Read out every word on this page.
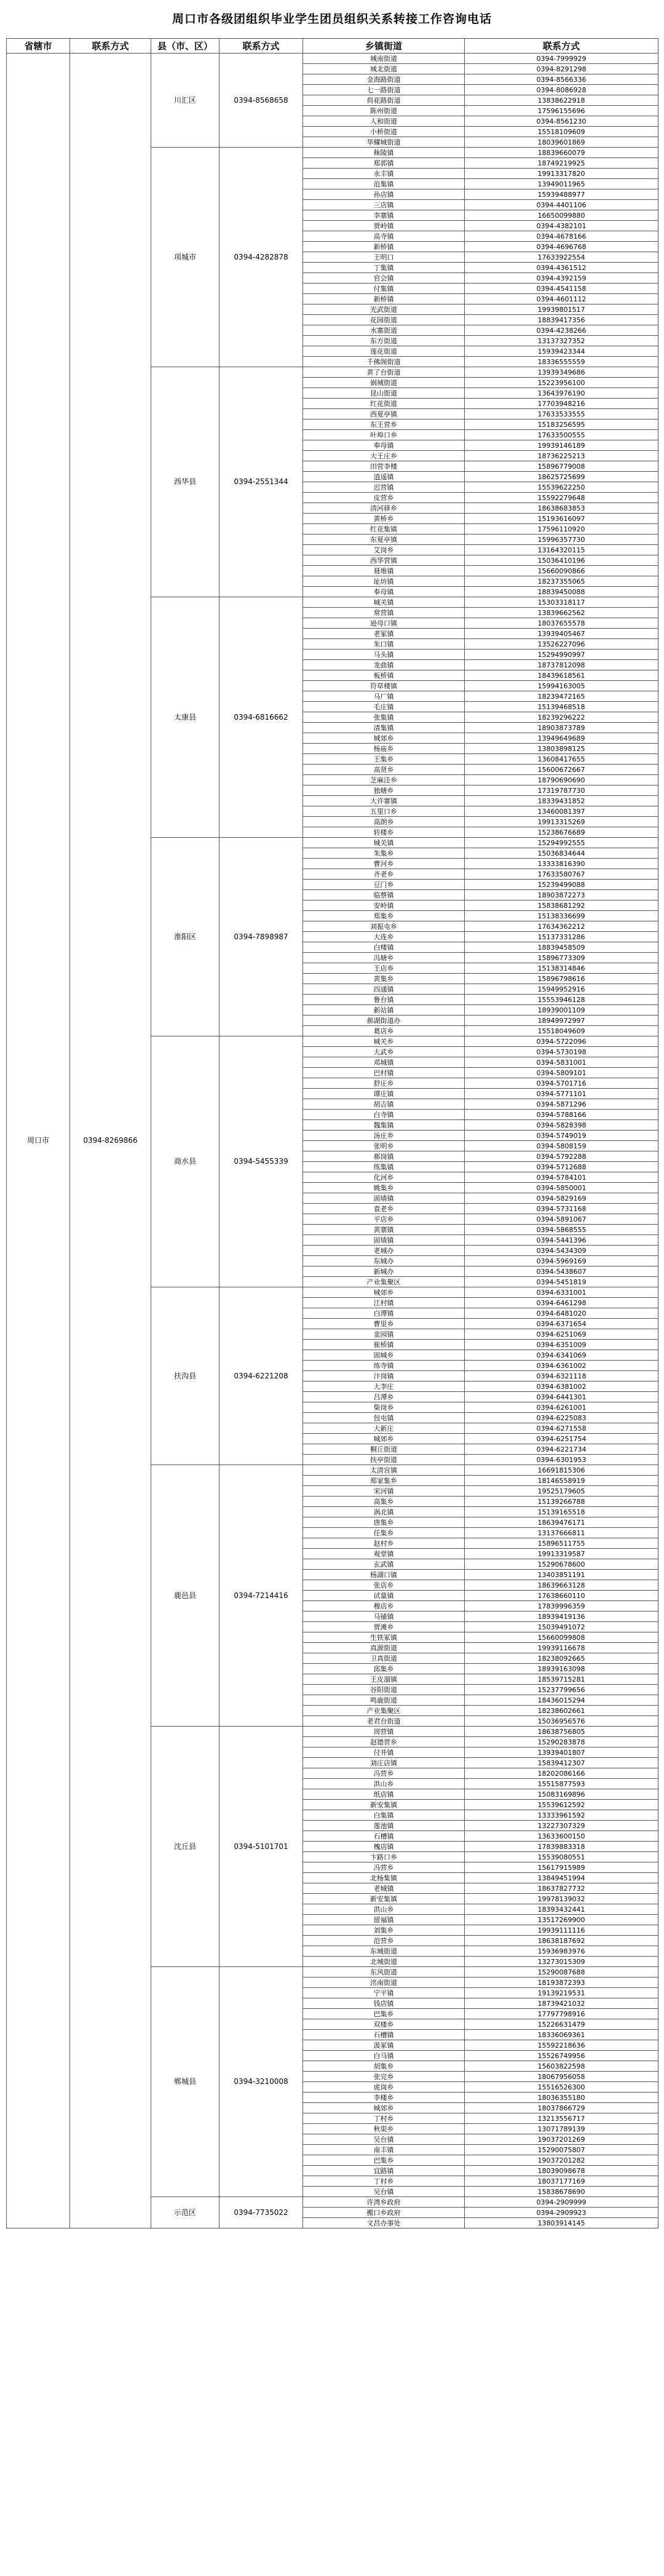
周口市各级团组织毕业学生团员组织关系转接工作咨询电话
省辖市	联系方式	县（市、区）	联系方式	乡镇街道	联系方式
周口市	0394-8269866	川汇区	0394-8568658	城南街道	0394-7999929
				城北街道	0394-8291298
				金海路街道	0394-8566336
				七一路街道	0394-8086928
				荷花路街道	13838622918
				陈州街道	17596155696
				人和街道	0394-8561230
				小桥街道	15518109609
				华耀城街道	18039601869
		项城市	0394-4282878	秣陵镇	18839660079
				郑郭镇	18749219925
				永丰镇	19913317820
				范集镇	13949011965
				孙店镇	15939488977
				三店镇	0394-4401106
				李寨镇	16650099880
				贾岭镇	0394-4382101
				高寺镇	0394-4678166
				新桥镇	0394-4696768
				王明口	17633922554
				丁集镇	0394-4361512
				官会镇	0394-4392159
				付集镇	0394-4541158
				新桥镇	0394-4601112
				光武街道	19939801517
				花园街道	18839417356
				水寨街道	0394-4238266
				东方街道	13137327352
				莲花街道	15939423344
				千佛阁街道	18336555559
		西华县	0394-2551344	黄了台街道	13939349686
				娲城街道	15223956100
				昆山街道	13643976190
				红花街道	17703948216
				西夏亭镇	17633533555
				东王营乡	15183256595
				叶埠口乡	17633500555
				奉母镇	19939146189
				大王庄乡	18736225213
				田营李楼	15896779008
				逍遥镇	18625725699
				迟营镇	15539622250
				皮营乡	15592279648
				清河驿乡	18638683853
				黄桥乡	15193616097
				红花集镇	17596110920
				东夏亭镇	15996357730
				艾岗乡	13164320115
				西华营镇	15036410196
				聂堆镇	15660090866
				址坊镇	18237355065
				奉母镇	18839450088
		太康县	0394-6816662	城关镇	15303318117
				常营镇	13839662562
				逊母口镇	18037655578
				老冢镇	13939405467
				朱口镇	13526227096
				马头镇	15294990997
				龙曲镇	18737812098
				板桥镇	18439618561
				符草楼镇	15994163005
				马厂镇	18239472165
				毛庄镇	15139468518
				张集镇	18239296222
				清集镇	18903873789
				城郊乡	13949649689
				杨庙乡	13803898125
				王集乡	13608417655
				高贤乡	15600672667
				芝麻洼乡	18790690690
				独塘乡	17319787730
				大许寨镇	18339431852
				五里口乡	13460081397
				高朗乡	19913315269
				转楼乡	15238676689
		淮阳区	0394-7898987	城关镇	15294992555
				朱集乡	15036834644
				曹河乡	13333816390
				齐老乡	17633580767
				豆门乡	15239499088
				临蔡镇	18903872273
				安岭镇	15838681292
				郑集乡	15138336699
				刘振屯乡	17634362212
				大连乡	15137331286
				白楼镇	18839458509
				冯塘乡	15896773309
				王店乡	15138314846
				黄集乡	15896798616
				四通镇	15949952916
				鲁台镇	15553946128
				新站镇	18939001109
				郝湖街道办	18949972997
				葛店乡	15518049609
		商水县	0394-5455339	城关乡	0394-5722096
				大武乡	0394-5730198
				邓城镇	0394-5831001
				巴村镇	0394-5809101
				舒庄乡	0394-5701716
				谭庄镇	0394-5771101
				胡吉镇	0394-5871296
				白寺镇	0394-5788166
				魏集镇	0394-5828398
				汤庄乡	0394-5749019
				张明乡	0394-5808159
				郝岗镇	0394-5792288
				练集镇	0394-5712688
				化河乡	0394-5784101
				姚集乡	0394-5850001
				固墙镇	0394-5829169
				袁老乡	0394-5731168
				平店乡	0394-5891067
				黄寨镇	0394-5868555
				固墙镇	0394-5441396
				老城办	0394-5434309
				东城办	0394-5969169
				新城办	0394-5438607
				产业集聚区	0394-5451819
		扶沟县	0394-6221208	城郊乡	0394-6331001
				江村镇	0394-6461298
				白潭镇	0394-6481020
				曹里乡	0394-6371654
				韭园镇	0394-6251069
				崔桥镇	0394-6351009
				固城乡	0394-6341069
				练寺镇	0394-6361002
				汴岗镇	0394-6321118
				大李庄	0394-6381002
				吕潭乡	0394-6441301
				柴岗乡	0394-6261001
				包屯镇	0394-6225083
				大新庄	0394-6271558
				城郊乡	0394-6251754
				桐丘街道	0394-6221734
				扶亭街道	0394-6301953
		鹿邑县	0394-7214416	太清宫镇	16691815306
				郑家集乡	18146558919
				宋河镇	19525179605
				高集乡	15139266788
				涡北镇	15139165518
				唐集乡	18639476171
				任集乡	13137666811
				赵村乡	15896511755
				观堂镇	19913319587
				玄武镇	15290678600
				杨湖口镇	13403851191
				张店乡	18639663128
				试量镇	17638660110
				穆店乡	17839996359
				马铺镇	18939419136
				贾滩乡	15039491072
				生铁冢镇	15660099808
				真源街道	19939116678
				卫真街道	18238092665
				邱集乡	18939163098
				王皮溜镇	18539715281
				谷阳街道	15237799656
				鸣鹿街道	18436015294
				产业集聚区	18238602661
				老君台街道	15036956576
		沈丘县	0394-5101701	周营镇	18638756805
				赵德营乡	15290283878
				付井镇	13939401807
				刘庄店镇	15839412307
				冯营乡	18202086166
				洪山乡	15515877593
				纸店镇	15083169896
				新安集镇	15539612592
				白集镇	13333961592
				莲池镇	13227307329
				石槽镇	13633600150
				槐店镇	17839883318
				卞路口乡	15539080551
				冯营乡	15617915989
				北杨集镇	13849451994
				老城镇	18637827732
				新安集镇	19978139032
				洪山乡	18393432441
				留福镇	13517269900
				刘集乡	19939111116
				范营乡	18638187692
				东城街道	15936983976
				北城街道	13273015309
		郸城县	0394-3210008	东风街道	15290087688
				洺南街道	18193872393
				宁平镇	19139219531
				钱店镇	18739421032
				巴集乡	17797798916
				双楼乡	15226631479
				石槽镇	18336069361
				汲冢镇	15592218636
				白马镇	15526749956
				胡集乡	15603822598
				张完乡	18067956058
				虎岗乡	15516526300
				李楼乡	18036355180
				城郊乡	18037866729
				丁村乡	13213556717
				秋渠乡	13071789139
				吴台镇	19037201269
				南丰镇	15290075807
				巴集乡	19037201282
				宜路镇	18039098678
				丁村乡	18037177169
				吴台镇	15838678690
		示范区	0394-7735022	许湾乡政府	0394-2909999
				搬口乡政府	0394-2909923
				文昌办事处	13803914145
